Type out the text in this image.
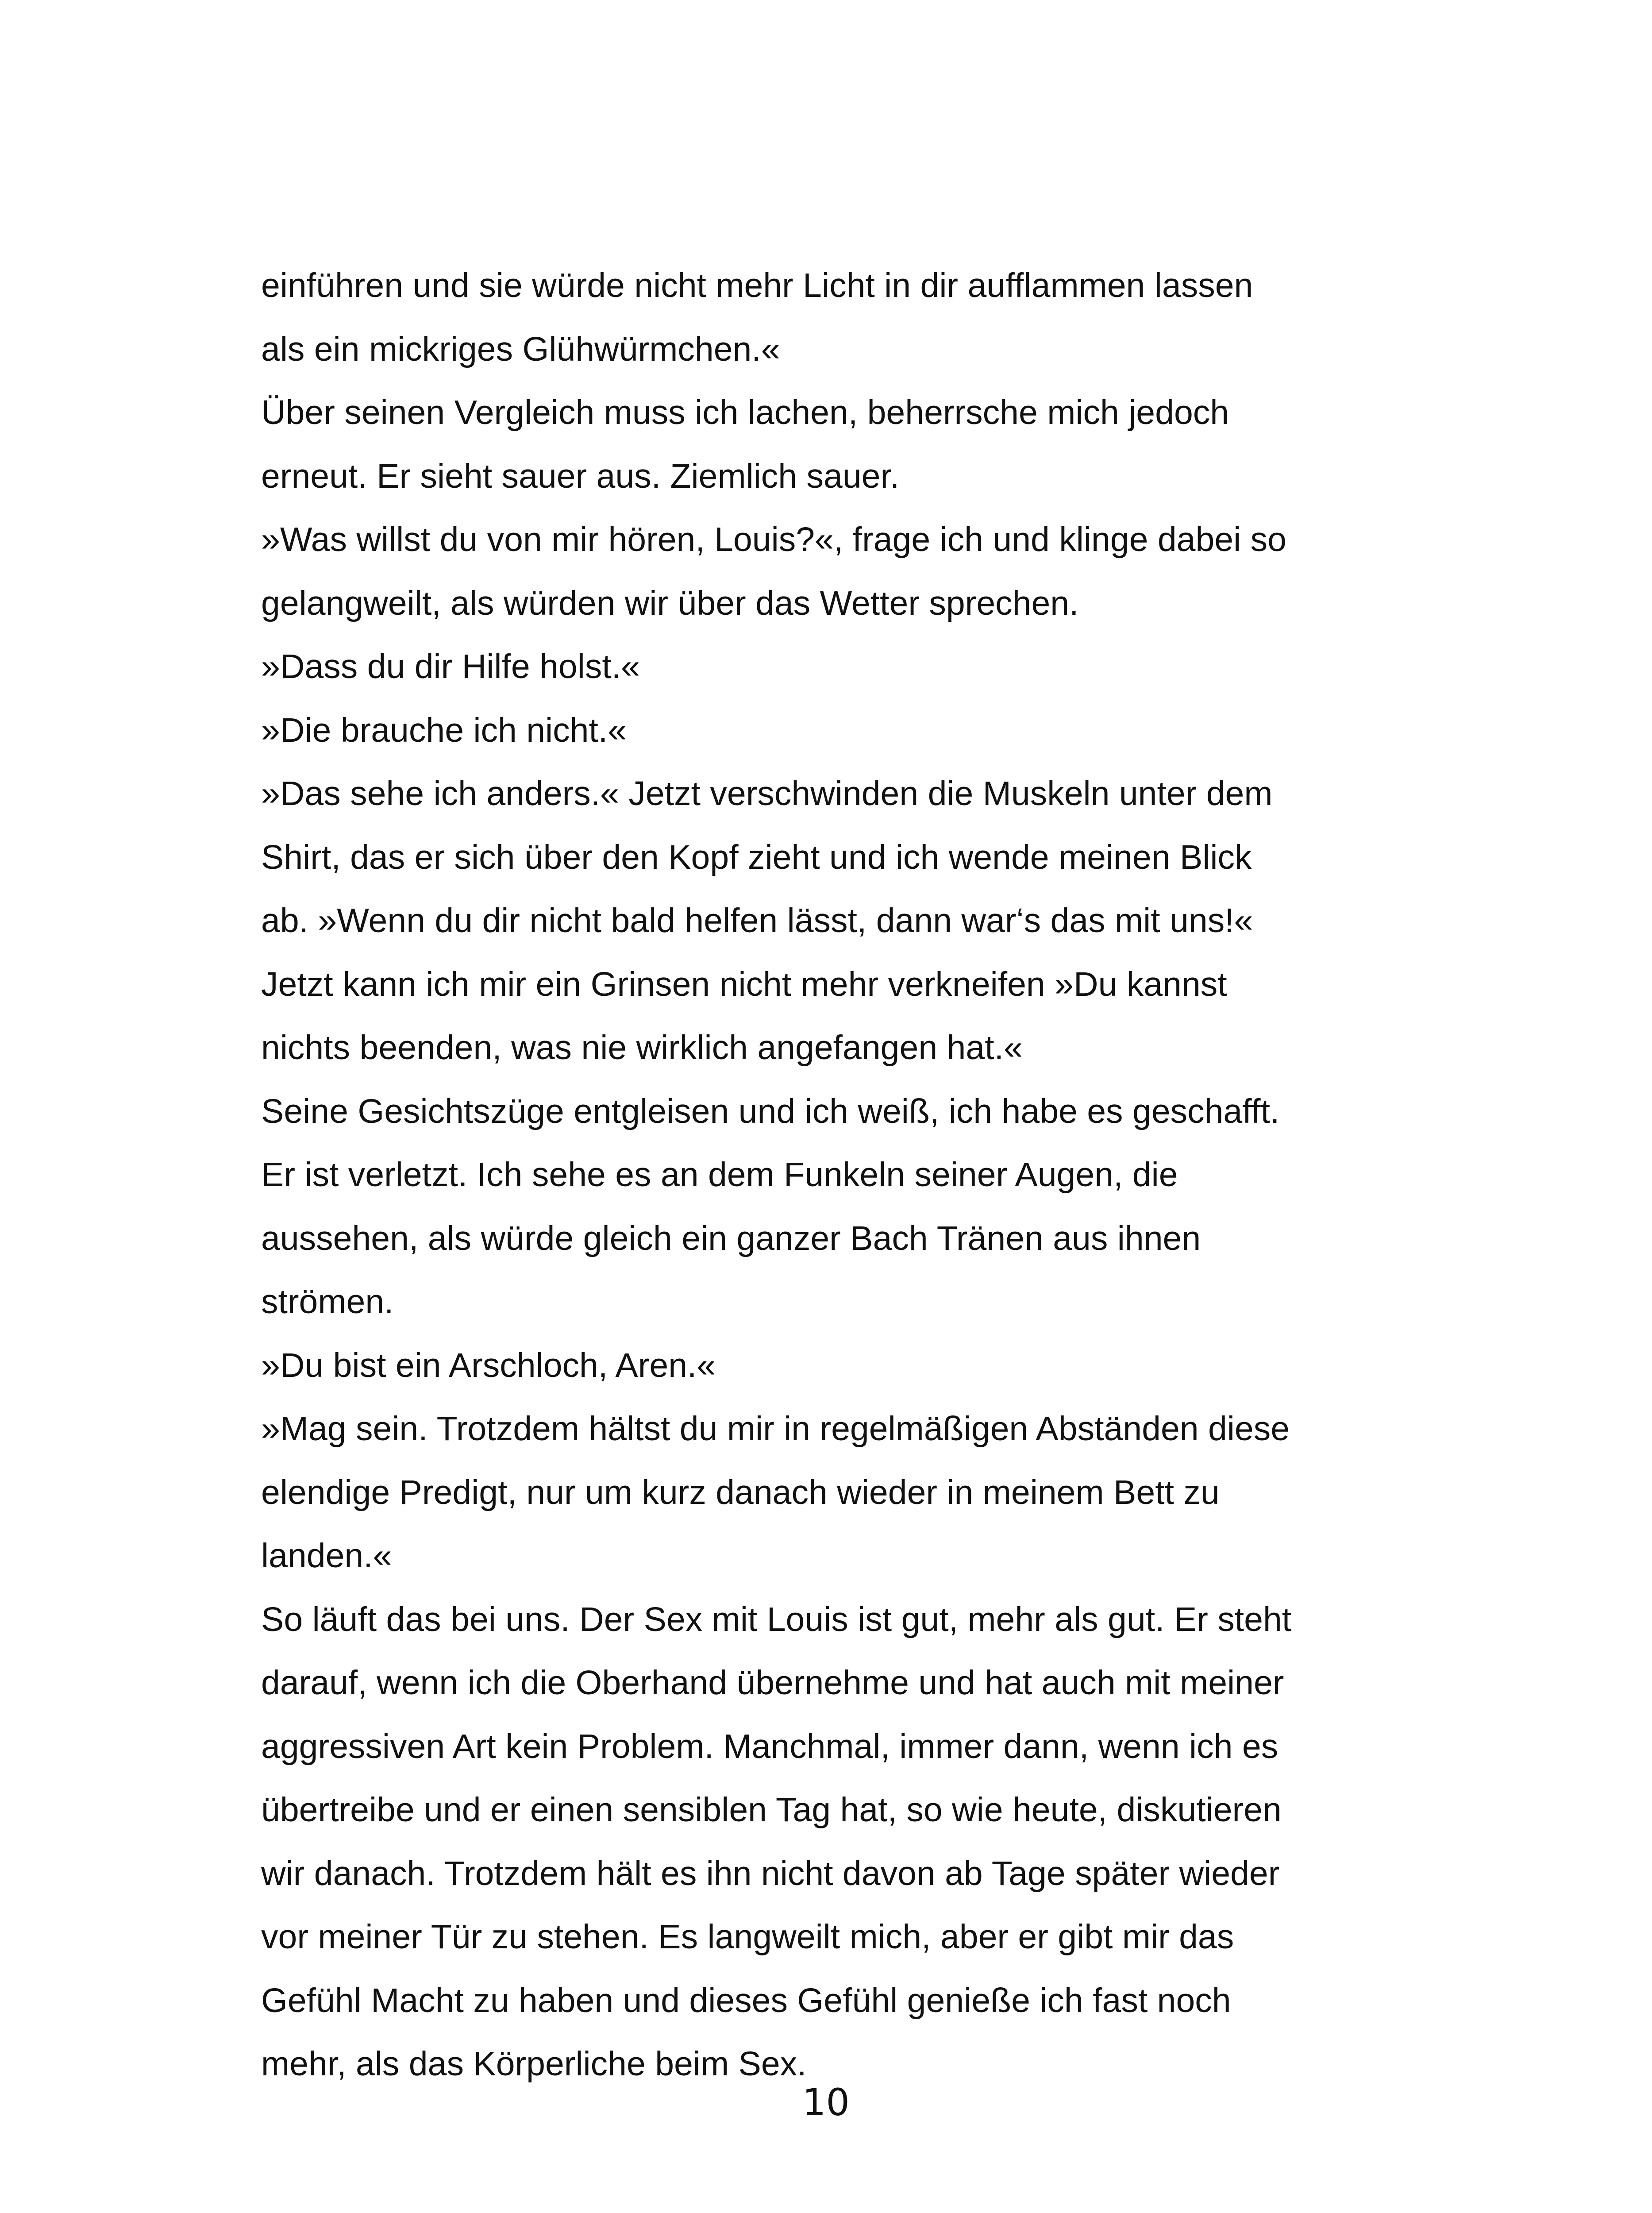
einführen und sie würde nicht mehr Licht in dir aufflammen lassen
als ein mickriges Glühwürmchen.«
Über seinen Vergleich muss ich lachen, beherrsche mich jedoch
erneut. Er sieht sauer aus. Ziemlich sauer.
»Was willst du von mir hören, Louis?«, frage ich und klinge dabei so
gelangweilt, als würden wir über das Wetter sprechen.
»Dass du dir Hilfe holst.«
»Die brauche ich nicht.«
»Das sehe ich anders.« Jetzt verschwinden die Muskeln unter dem
Shirt, das er sich über den Kopf zieht und ich wende meinen Blick
ab. »Wenn du dir nicht bald helfen lässt, dann war‘s das mit uns!«
Jetzt kann ich mir ein Grinsen nicht mehr verkneifen »Du kannst
nichts beenden, was nie wirklich angefangen hat.«
Seine Gesichtszüge entgleisen und ich weiß, ich habe es geschafft.
Er ist verletzt. Ich sehe es an dem Funkeln seiner Augen, die
aussehen, als würde gleich ein ganzer Bach Tränen aus ihnen
strömen.
»Du bist ein Arschloch, Aren.«
»Mag sein. Trotzdem hältst du mir in regelmäßigen Abständen diese
elendige Predigt, nur um kurz danach wieder in meinem Bett zu
landen.«
So läuft das bei uns. Der Sex mit Louis ist gut, mehr als gut. Er steht
darauf, wenn ich die Oberhand übernehme und hat auch mit meiner
aggressiven Art kein Problem. Manchmal, immer dann, wenn ich es
übertreibe und er einen sensiblen Tag hat, so wie heute, diskutieren
wir danach. Trotzdem hält es ihn nicht davon ab Tage später wieder
vor meiner Tür zu stehen. Es langweilt mich, aber er gibt mir das
Gefühl Macht zu haben und dieses Gefühl genieße ich fast noch
mehr, als das Körperliche beim Sex.
10
